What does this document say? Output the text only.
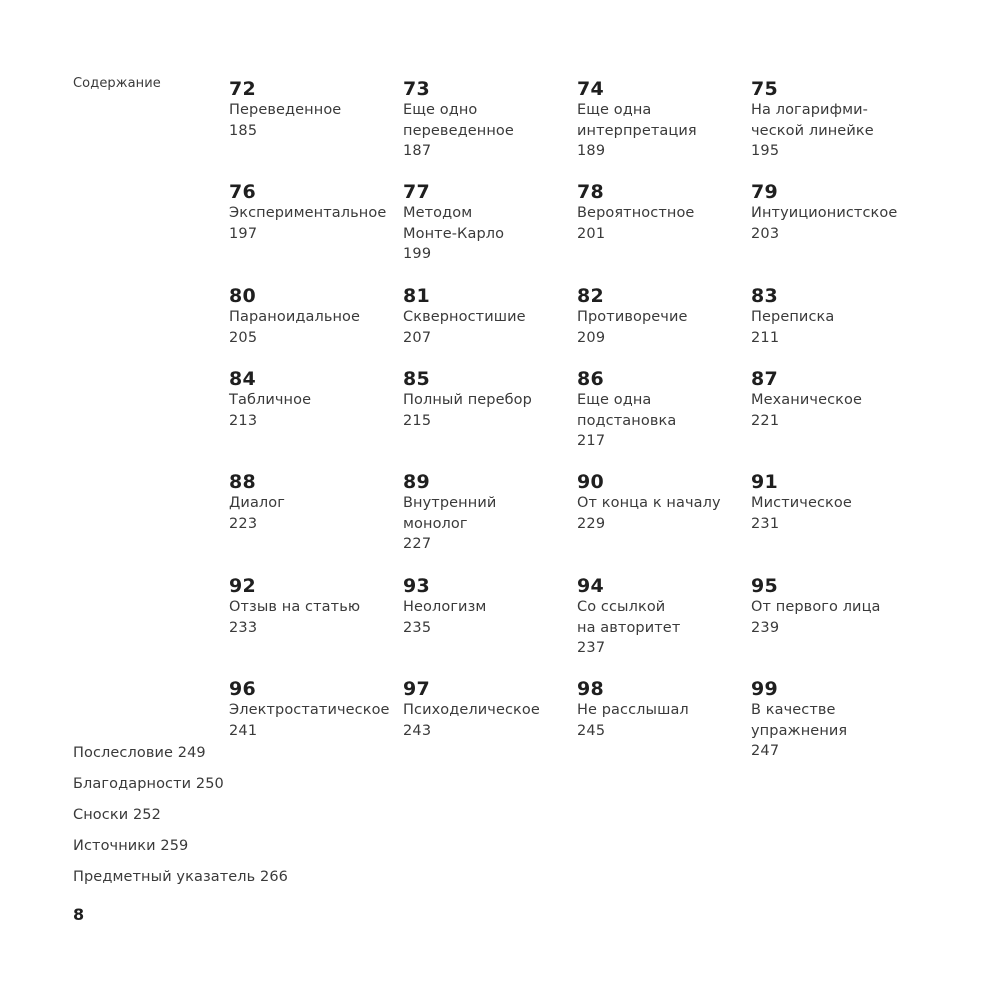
Содержание	72
Переведенное
185
73
Еще одно
переведенное
187
74
Еще одна
интерпретация
189
75
На логарифми-
ческой линейке
195
76
Экспериментальное
197
77
Методом
Монте-Карло
199
78
Вероятностное
201
79
Интуиционистское
203
80
Параноидальное
205
81
Скверностишие
207
82
Противоречие
209
83
Переписка
211
84
Табличное
213
85
Полный перебор
215
86
Еще одна
подстановка
217
87
Механическое
221
88
Диалог
223
89
Внутренний
монолог
227
90
От конца к началу
229
91
Мистическое
231
92
Отзыв на статью
233
93
Неологизм
235
94
Со ссылкой
на авторитет
237
95
От первого лица
239
96
Электростатическое
241
97
Психоделическое
243
98
Не расслышал
245
99
В качестве
упражнения
247
Послесловие 249
Благодарности 250
Сноски 252
Источники 259
Предметный указатель 266
8
